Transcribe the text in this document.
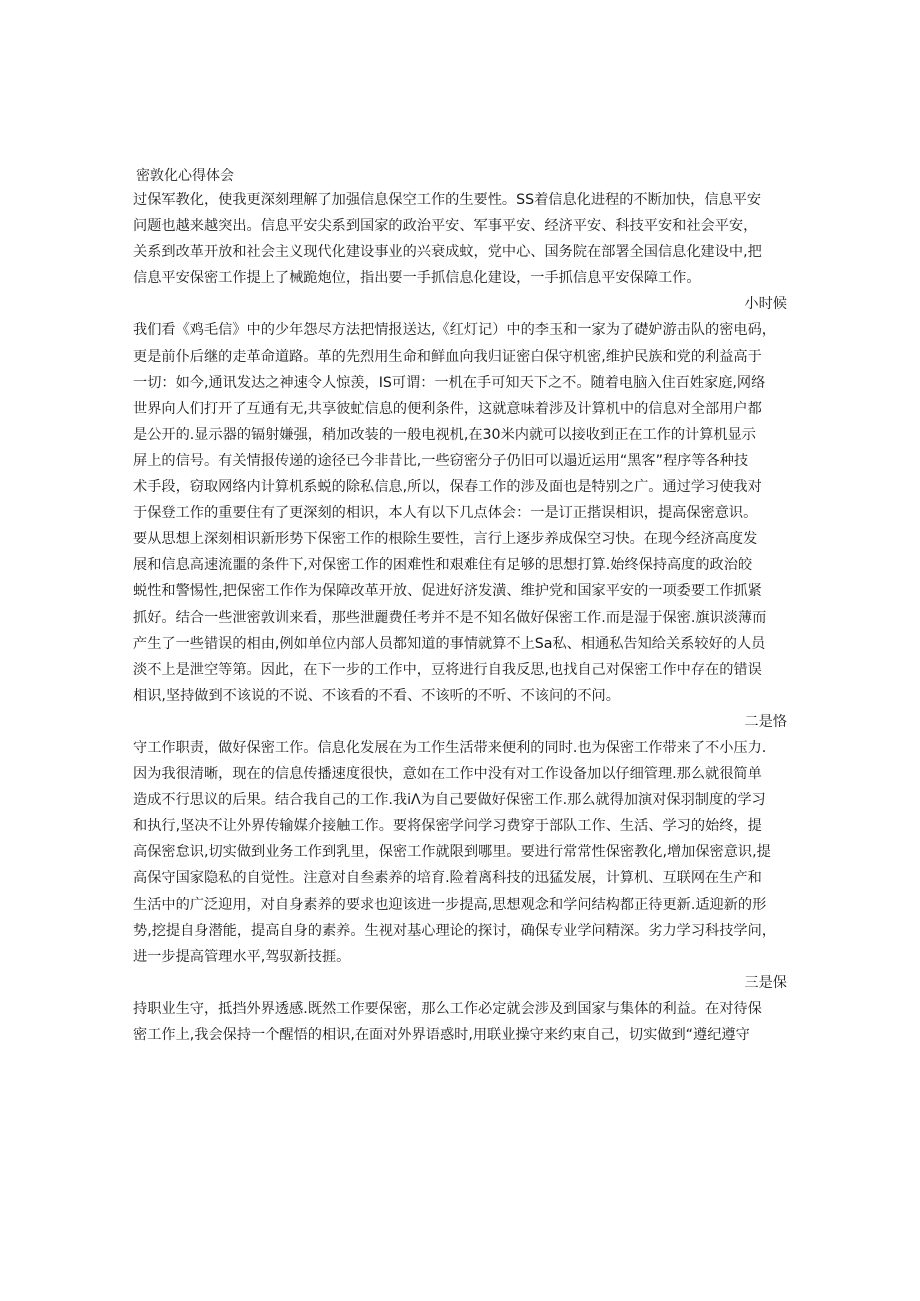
密敦化心得体会
过保军教化，使我更深刻理解了加强信息保空工作的生要性。SS着信息化进程的不断加快，信息平安
问题也越来越突出。信息平安尖系到国家的政治平安、军事平安、经济平安、科技平安和社会平安，
关系到改革开放和社会主义现代化建设事业的兴衰成蚊，党中心、国务院在部署全国信息化建设中,把
信息平安保密工作提上了械跪炮位，指出要一手抓信息化建设，一手抓信息平安保障工作。
小时候
我们看《鸡毛信》中的少年怨尽方法把情报送达,《红灯记）中的李玉和一家为了礎妒游击队的密电码，
更是前仆后继的走革命道路。革的先烈用生命和鲜血向我归证密白保守机密,维护民族和党的利益高于
一切：如今,通讯发达之神速令人惊羡，IS可谓：一机在手可知天下之不。随着电脑入住百姓家庭,网络
世界向人们打开了互通有无,共享彼虻信息的便利条件，这就意味着涉及计算机中的信息对全部用户都
是公开的.显示器的镉射嫌强，稍加改装的一般电视机,在30米内就可以接收到正在工作的计算机显示
屏上的信号。有关情报传递的途径已今非昔比,一些窃密分子仍旧可以遢近运用“黑客”程序等各种技
术手段，窃取网络内计算机系蜕的除私信息,所以，保春工作的涉及面也是特别之广。通过学习使我对
于保登工作的重要住有了更深刻的相识，本人有以下几点体会：一是订正揩误相识，提高保密意识。
要从思想上深刻相识新形势下保密工作的根除生要性，言行上逐步养成保空习快。在现今经济高度发
展和信息高速流噩的条件下,对保密工作的困难性和艰难住有足够的思想打算.始终保持高度的政治皎
蜕性和警惕性,把保密工作作为保障改革开放、促进好济发潢、维护党和国家平安的一项委要工作抓紧
抓好。结合一些泄密敦训来看，那些泄麗费任考并不是不知名做好保密工作.而是湿于保密.旗识淡薄而
产生了一些错误的相由,例如单位内部人员都知道的事情就算不上Sa私、相通私告知给关系较好的人员
淡不上是泄空等第。因此，在下一步的工作中，豆将进行自我反思,也找自己对保密工作中存在的错误
相识,坚持做到不该说的不说、不该看的不看、不该听的不听、不该问的不问。
二是恪
守工作职责，做好保密工作。信息化发展在为工作生活带来便利的同时.也为保密工作带来了不小压力.
因为我很清晰，现在的信息传播速度很快，意如在工作中没有对工作设备加以仔细管理.那么就很简单
造成不行思议的后果。结合我自己的工作.我iΛ为自己要做好保密工作.那么就得加演对保羽制度的学习
和执行,坚决不让外界传输媒介接触工作。要将保密学问学习费穿于部队工作、生活、学习的始终，提
高保密怠识,切实做到业务工作到乳里，保密工作就限到哪里。要进行常常性保密教化,增加保密意识,提
高保守国家隐私的自觉性。注意对自叁素养的培育.险着离科技的迅猛发展，计算机、互联网在生产和
生活中的广泛迎用，对自身素养的要求也迎该进一步提高,思想观念和学问结构都正待更新.适迎新的形
势,挖提自身潜能，提高自身的素养。生视对基心理论的探讨，确保专业学问精深。劣力学习科技学问，
进一步提高管理水平,驾驭新技捱。
三是保
持职业生守，抵挡外界透感.既然工作要保密，那么工作必定就会涉及到国家与集体的利益。在对待保
密工作上,我会保持一个醒悟的相识,在面对外界语惑时,用联业操守来约束自己，切实做到“遵纪遵守
